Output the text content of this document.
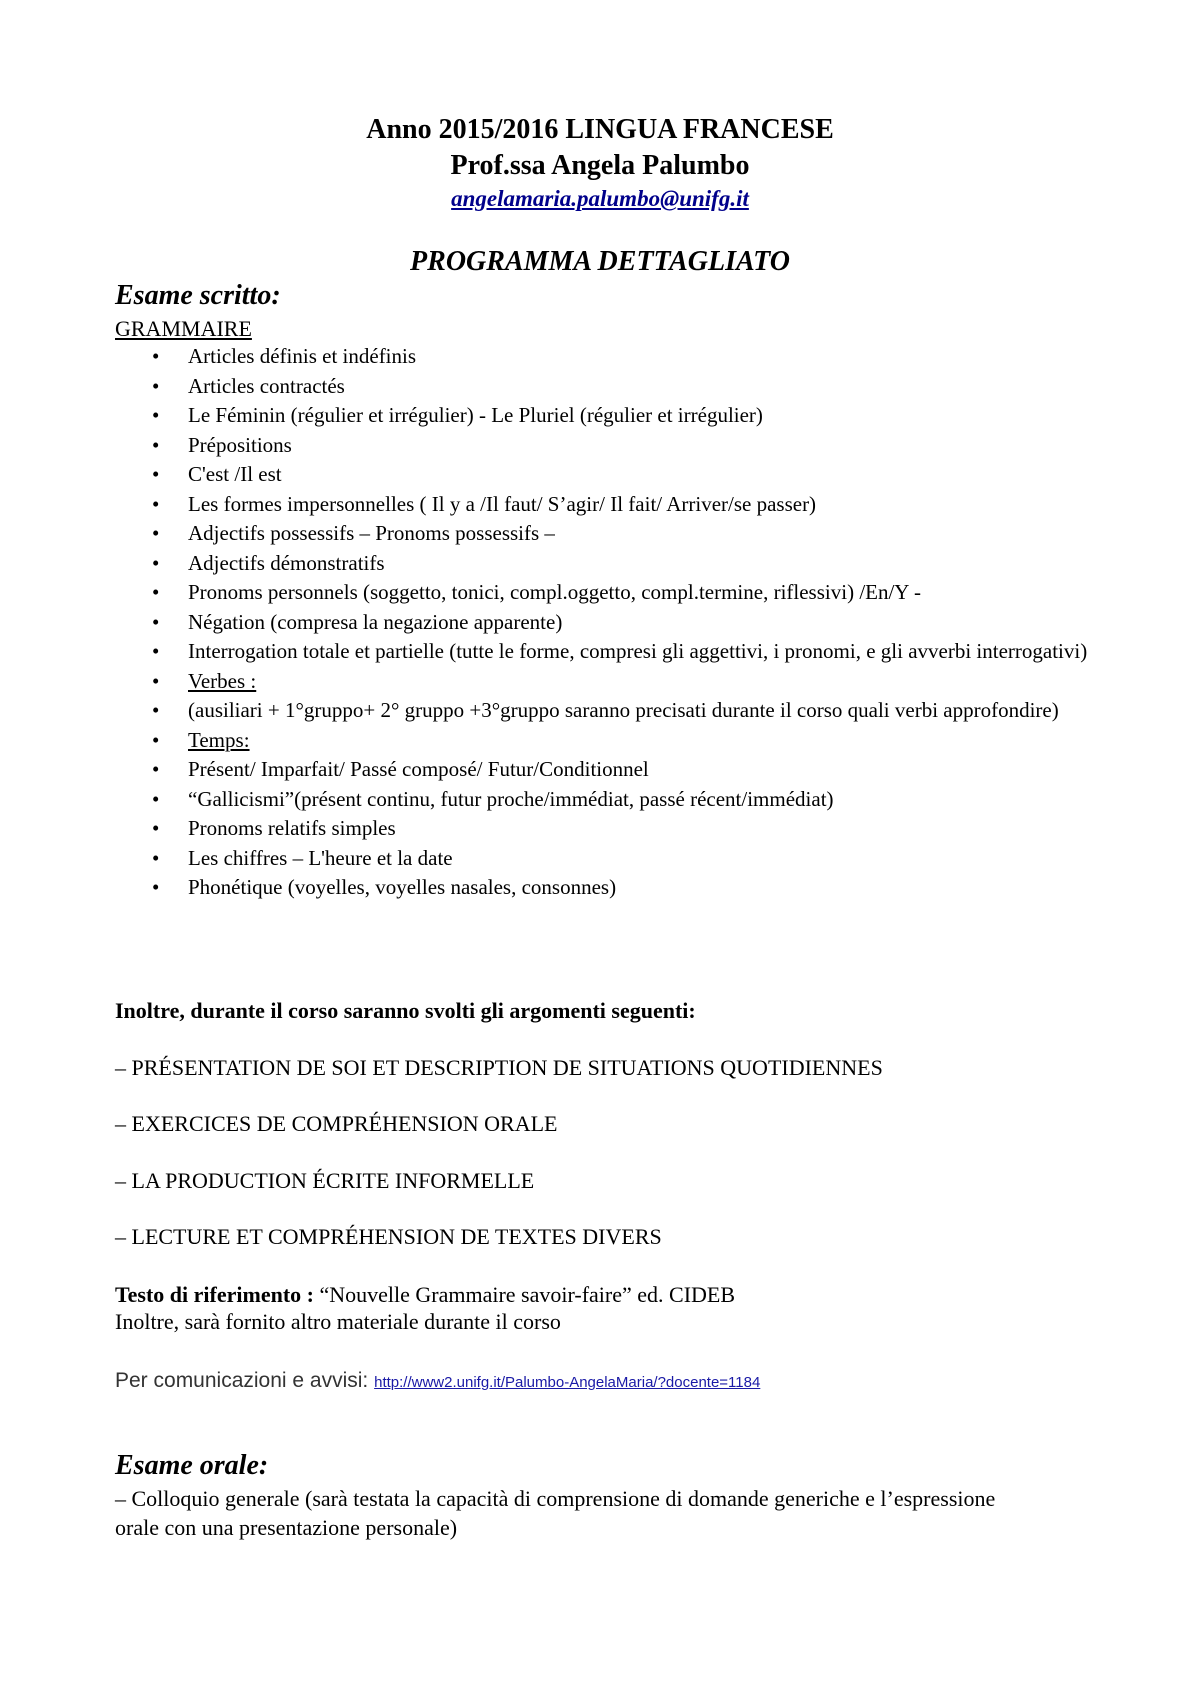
Anno 2015/2016 LINGUA FRANCESE

Prof.ssa Angela Palumbo

angelamaria.palumbo@unifg.it

PROGRAMMA DETTAGLIATO

Esame scritto:

GRAMMAIRE

• Articles définis et indéfinis
• Articles contractés
• Le Féminin (régulier et irrégulier) - Le Pluriel (régulier et irrégulier)
• Prépositions
• C'est /Il est
• Les formes impersonnelles ( Il y a /Il faut/ S’agir/ Il fait/ Arriver/se passer)
• Adjectifs possessifs – Pronoms possessifs –
• Adjectifs démonstratifs
• Pronoms personnels (soggetto, tonici, compl.oggetto, compl.termine, riflessivi) /En/Y -
• Négation (compresa la negazione apparente)
• Interrogation totale et partielle (tutte le forme, compresi gli aggettivi, i pronomi, e gli avverbi interrogativi)
• Verbes :
• (ausiliari + 1°gruppo+ 2° gruppo +3°gruppo saranno precisati durante il corso quali verbi approfondire)
• Temps:
• Présent/ Imparfait/ Passé composé/ Futur/Conditionnel
• “Gallicismi”(présent continu, futur proche/immédiat, passé récent/immédiat)
• Pronoms relatifs simples
• Les chiffres – L'heure et la date
• Phonétique (voyelles, voyelles nasales, consonnes)

Inoltre, durante il corso saranno svolti gli argomenti seguenti:

– PRÉSENTATION DE SOI ET DESCRIPTION DE SITUATIONS QUOTIDIENNES

– EXERCICES DE COMPRÉHENSION ORALE

– LA PRODUCTION ÉCRITE INFORMELLE

– LECTURE ET COMPRÉHENSION DE TEXTES DIVERS

Testo di riferimento : “Nouvelle Grammaire savoir-faire” ed. CIDEB

Inoltre, sarà fornito altro materiale durante il corso

Per comunicazioni e avvisi: http://www2.unifg.it/Palumbo-AngelaMaria/?docente=1184

Esame orale:

– Colloquio generale (sarà testata la capacità di comprensione di domande generiche e l’espressione orale con una presentazione personale)
